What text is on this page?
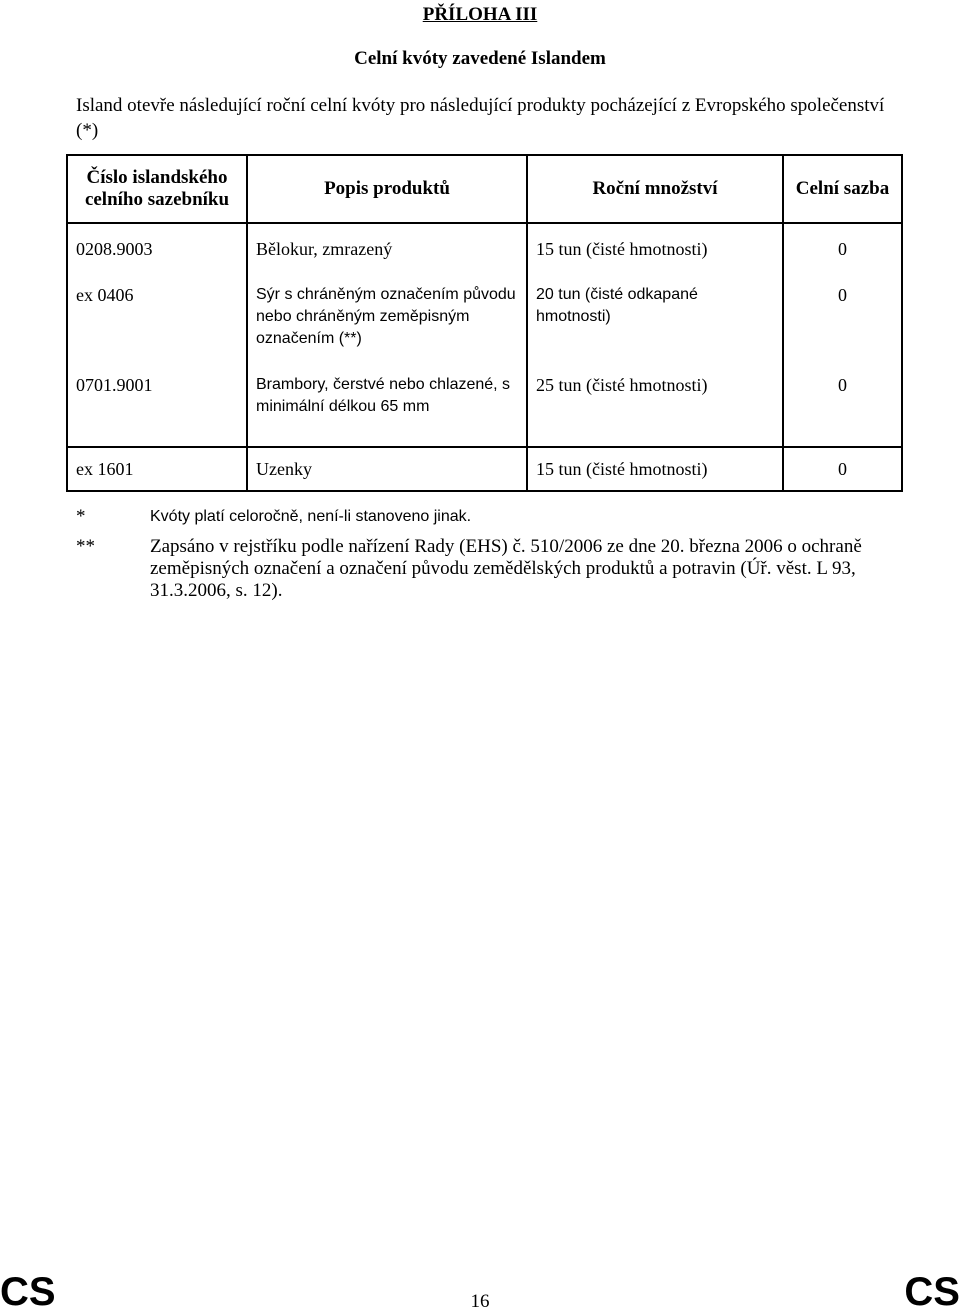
PŘÍLOHA III
Celní kvóty zavedené Islandem

Island otevře následující roční celní kvóty pro následující produkty pocházející z Evropského společenství (*)

Číslo islandského celního sazebníku	Popis produktů	Roční množství	Celní sazba
0208.9003	Bělokur, zmrazený	15 tun (čisté hmotnosti)	0
ex 0406	Sýr s chráněným označením původu nebo chráněným zeměpisným označením (**)	20 tun (čisté odkapané hmotnosti)	0
0701.9001	Brambory, čerstvé nebo chlazené, s minimální délkou 65 mm	25 tun (čisté hmotnosti)	0
ex 1601	Uzenky	15 tun (čisté hmotnosti)	0
*	Kvóty platí celoročně, není-li stanoveno jinak.
**	Zapsáno v rejstříku podle nařízení Rady (EHS) č. 510/2006 ze dne 20. března 2006 o ochraně zeměpisných označení a označení původu zemědělských produktů a potravin (Úř. věst. L 93, 31.3.2006, s. 12).
CS	16	CS
